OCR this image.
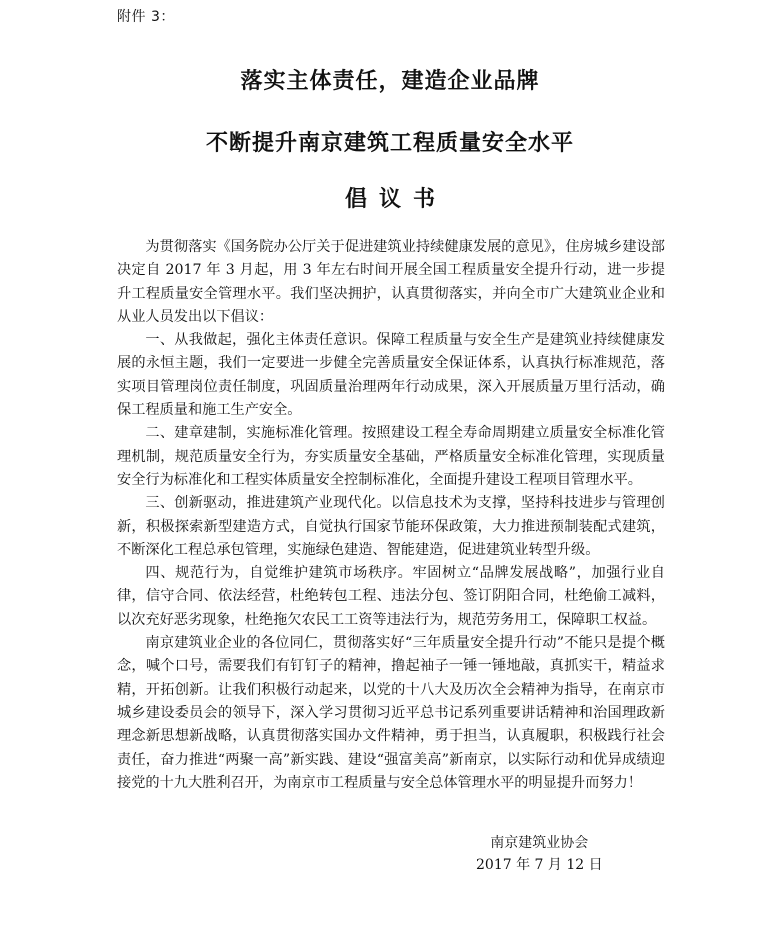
附件 3：
落实主体责任，建造企业品牌
不断提升南京建筑工程质量安全水平
倡议书

为贯彻落实《国务院办公厅关于促进建筑业持续健康发展的意见》，住房城乡建设部决定自 2017 年 3 月起，用 3 年左右时间开展全国工程质量安全提升行动，进一步提升工程质量安全管理水平。我们坚决拥护，认真贯彻落实，并向全市广大建筑业企业和从业人员发出以下倡议：

一、从我做起，强化主体责任意识。保障工程质量与安全生产是建筑业持续健康发展的永恒主题，我们一定要进一步健全完善质量安全保证体系，认真执行标准规范，落实项目管理岗位责任制度，巩固质量治理两年行动成果，深入开展质量万里行活动，确保工程质量和施工生产安全。

二、建章建制，实施标准化管理。按照建设工程全寿命周期建立质量安全标准化管理机制，规范质量安全行为，夯实质量安全基础，严格质量安全标准化管理，实现质量安全行为标准化和工程实体质量安全控制标准化，全面提升建设工程项目管理水平。

三、创新驱动，推进建筑产业现代化。以信息技术为支撑，坚持科技进步与管理创新，积极探索新型建造方式，自觉执行国家节能环保政策，大力推进预制装配式建筑，不断深化工程总承包管理，实施绿色建造、智能建造，促进建筑业转型升级。

四、规范行为，自觉维护建筑市场秩序。牢固树立“品牌发展战略”，加强行业自律，信守合同、依法经营，杜绝转包工程、违法分包、签订阴阳合同，杜绝偷工减料，以次充好恶劣现象，杜绝拖欠农民工工资等违法行为，规范劳务用工，保障职工权益。

南京建筑业企业的各位同仁，贯彻落实好“三年质量安全提升行动”不能只是提个概念，喊个口号，需要我们有钉钉子的精神，撸起袖子一锤一锤地敲，真抓实干，精益求精，开拓创新。让我们积极行动起来，以党的十八大及历次全会精神为指导，在南京市城乡建设委员会的领导下，深入学习贯彻习近平总书记系列重要讲话精神和治国理政新理念新思想新战略，认真贯彻落实国办文件精神，勇于担当，认真履职，积极践行社会责任，奋力推进“两聚一高”新实践、建设“强富美高”新南京，以实际行动和优异成绩迎接党的十九大胜利召开，为南京市工程质量与安全总体管理水平的明显提升而努力！

南京建筑业协会
2017 年 7 月 12 日
